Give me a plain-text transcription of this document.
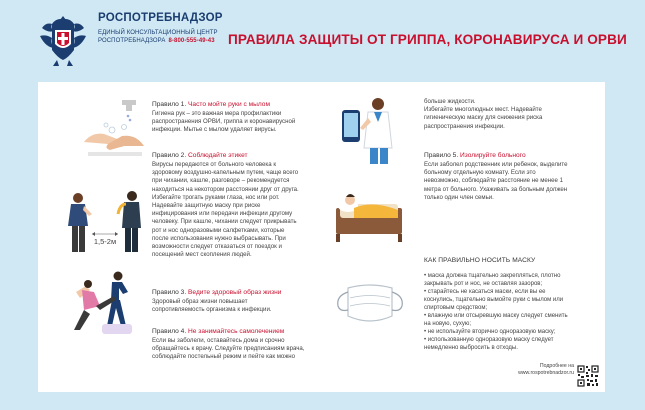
РОСПОТРЕБНАДЗОР
ЕДИНЫЙ КОНСУЛЬТАЦИОННЫЙ ЦЕНТР
РОСПОТРЕБНАДЗОРА 8-800-555-49-43 ПРАВИЛА ЗАЩИТЫ ОТ ГРИППА, КОРОНАВИРУСА И ОРВИ
1,5-2м
Правило 1. Часто мойте руки с мылом
Гигиена рук – это важная мера профилактики
распространения ОРВИ, гриппа и коронавирусной
инфекции. Мытье с мылом удаляет вирусы.
Правило 2. Соблюдайте этикет
Вирусы передаются от больного человека к
здоровому воздушно-капельным путем, чаще всего
при чихании, кашле, разговоре – рекомендуется
находиться на некотором расстоянии друг от друга.
Избегайте трогать руками глаза, нос или рот.
Надевайте защитную маску при риске
инфицирования или передачи инфекции другому
человеку. При кашле, чихании следует прикрывать
рот и нос одноразовыми салфетками, которые
после использования нужно выбрасывать. При
возможности следует отказаться от поездок и
посещений мест скопления людей.
Правило 3. Ведите здоровый образ жизни
Здоровый образ жизни повышает
сопротивляемость организма к инфекции.
Правило 4. Не занимайтесь самолечением
Если вы заболели, оставайтесь дома и срочно
обращайтесь к врачу. Следуйте предписаниям врача,
соблюдайте постельный режим и пейте как можно
больше жидкости.
Избегайте многолюдных мест. Надевайте
гигиеническую маску для снижения риска
распространения инфекции.
Правило 5. Изолируйте больного
Если заболел родственник или ребенок, выделите
больному отдельную комнату. Если это
невозможно, соблюдайте расстояние не менее 1
метра от больного. Ухаживать за больным должен
только один член семьи.
КАК ПРАВИЛЬНО НОСИТЬ МАСКУ
• маска должна тщательно закрепляться, плотно
закрывать рот и нос, не оставляя зазоров;
• старайтесь не касаться маски, если вы ее
коснулись, тщательно вымойте руки с мылом или
спиртовым средством;
• влажную или отсыревшую маску следует сменить
на новую, сухую;
• не используйте вторично одноразовую маску;
• использованную одноразовую маску следует
немедленно выбросить в отходы.
Подробнее на
www.rospotrebnadzor.ru
